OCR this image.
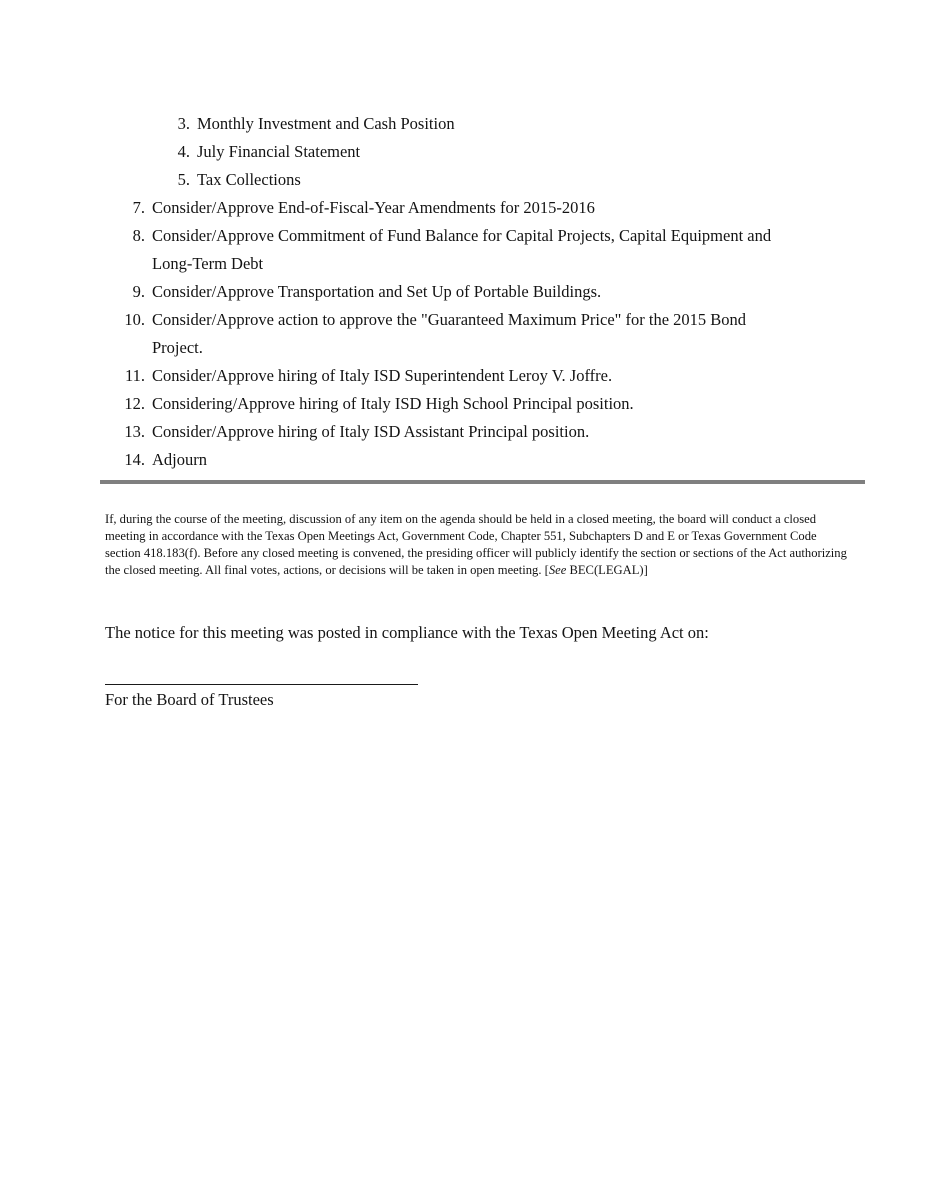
3. Monthly Investment and Cash Position
4. July Financial Statement
5. Tax Collections
7. Consider/Approve End-of-Fiscal-Year Amendments for 2015-2016
8. Consider/Approve Commitment of Fund Balance for Capital Projects, Capital Equipment and Long-Term Debt
9. Consider/Approve Transportation and Set Up of Portable Buildings.
10. Consider/Approve action to approve the "Guaranteed Maximum Price" for the 2015 Bond Project.
11. Consider/Approve hiring of Italy ISD Superintendent Leroy V. Joffre.
12. Considering/Approve hiring of Italy ISD High School Principal position.
13. Consider/Approve hiring of Italy ISD Assistant Principal position.
14. Adjourn

If, during the course of the meeting, discussion of any item on the agenda should be held in a closed meeting, the board will conduct a closed meeting in accordance with the Texas Open Meetings Act, Government Code, Chapter 551, Subchapters D and E or Texas Government Code section 418.183(f). Before any closed meeting is convened, the presiding officer will publicly identify the section or sections of the Act authorizing the closed meeting. All final votes, actions, or decisions will be taken in open meeting. [See BEC(LEGAL)]

The notice for this meeting was posted in compliance with the Texas Open Meeting Act on:

For the Board of Trustees
